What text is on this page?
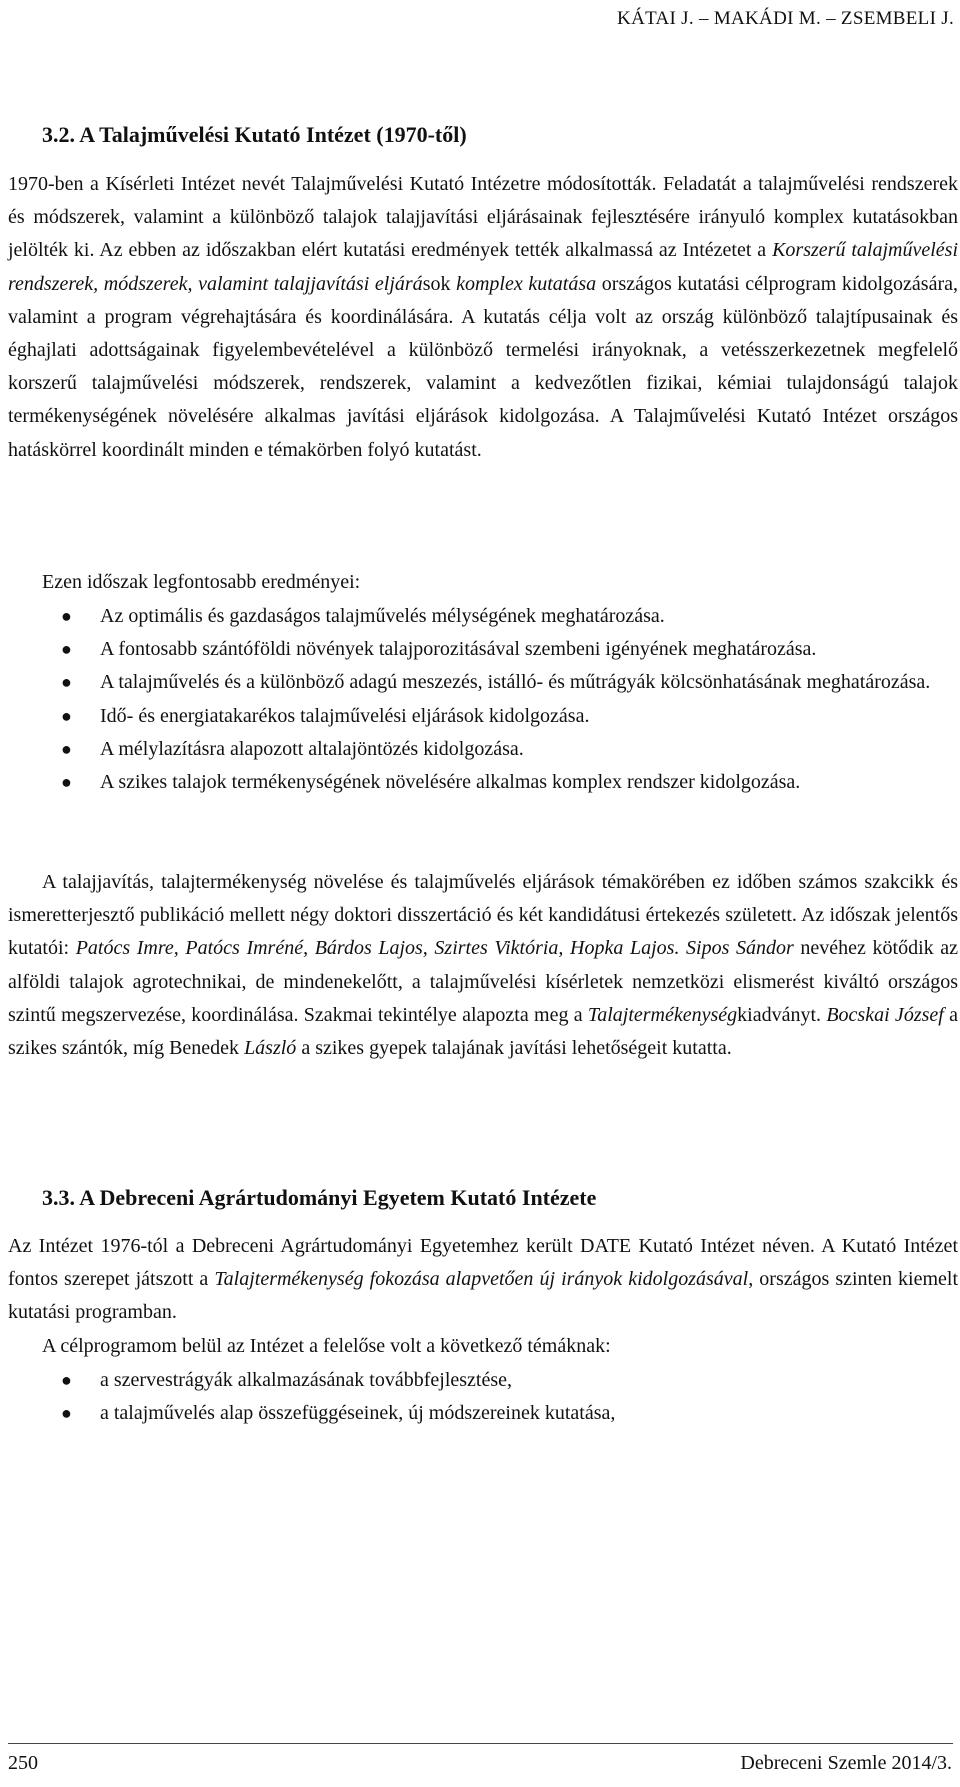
KÁTAI J. – MAKÁDI M. – ZSEMBELI J.
3.2. A Talajművelési Kutató Intézet (1970-től)

1970-ben a Kísérleti Intézet nevét Talajművelési Kutató Intézetre módosították. Feladatát a talajművelési rendszerek és módszerek, valamint a különböző talajok talajjavítási eljárásainak fejlesztésére irányuló komplex kutatásokban jelölték ki. Az ebben az időszakban elért kutatási eredmények tették alkalmassá az Intézetet a Korszerű talajművelési rendszerek, módszerek, valamint talajjavítási eljárások komplex kutatása országos kutatási célprogram kidolgozására, valamint a program végrehajtására és koordinálására. A kutatás célja volt az ország különböző talajtípusainak és éghajlati adottságainak figyelembevételével a különböző termelési irányoknak, a vetésszerkezetnek megfelelő korszerű talajművelési módszerek, rendszerek, valamint a kedvezőtlen fizikai, kémiai tulajdonságú talajok termékenységének növelésére alkalmas javítási eljárások kidolgozása. A Talajművelési Kutató Intézet országos hatáskörrel koordinált minden e témakörben folyó kutatást.

Ezen időszak legfontosabb eredményei:

● Az optimális és gazdaságos talajművelés mélységének meghatározása.
● A fontosabb szántóföldi növények talajporozitásával szembeni igényének meghatározása.
● A talajművelés és a különböző adagú meszezés, istálló- és műtrágyák kölcsönhatásának meghatározása.
● Idő- és energiatakarékos talajművelési eljárások kidolgozása.
● A mélylazításra alapozott altalajöntözés kidolgozása.
● A szikes talajok termékenységének növelésére alkalmas komplex rendszer kidolgozása.

A talajjavítás, talajtermékenység növelése és talajművelés eljárások témakörében ez időben számos szakcikk és ismeretterjesztő publikáció mellett négy doktori disszertáció és két kandidátusi értekezés született. Az időszak jelentős kutatói: Patócs Imre, Patócs Imréné, Bárdos Lajos, Szirtes Viktória, Hopka Lajos. Sipos Sándor nevéhez kötődik az alföldi talajok agrotechnikai, de mindenekelőtt, a talajművelési kísérletek nemzetközi elismerést kiváltó országos szintű megszervezése, koordinálása. Szakmai tekintélye alapozta meg a Talajtermékenységkiadványt. Bocskai József a szikes szántók, míg Benedek László a szikes gyepek talajának javítási lehetőségeit kutatta.

3.3. A Debreceni Agrártudományi Egyetem Kutató Intézete

Az Intézet 1976-tól a Debreceni Agrártudományi Egyetemhez került DATE Kutató Intézet néven. A Kutató Intézet fontos szerepet játszott a Talajtermékenység fokozása alapvetően új irányok kidolgozásával, országos szinten kiemelt kutatási programban.

A célprogramom belül az Intézet a felelőse volt a következő témáknak:

● a szervestrágyák alkalmazásának továbbfejlesztése,
● a talajművelés alap összefüggéseinek, új módszereinek kutatása,
250	Debreceni Szemle 2014/3.
